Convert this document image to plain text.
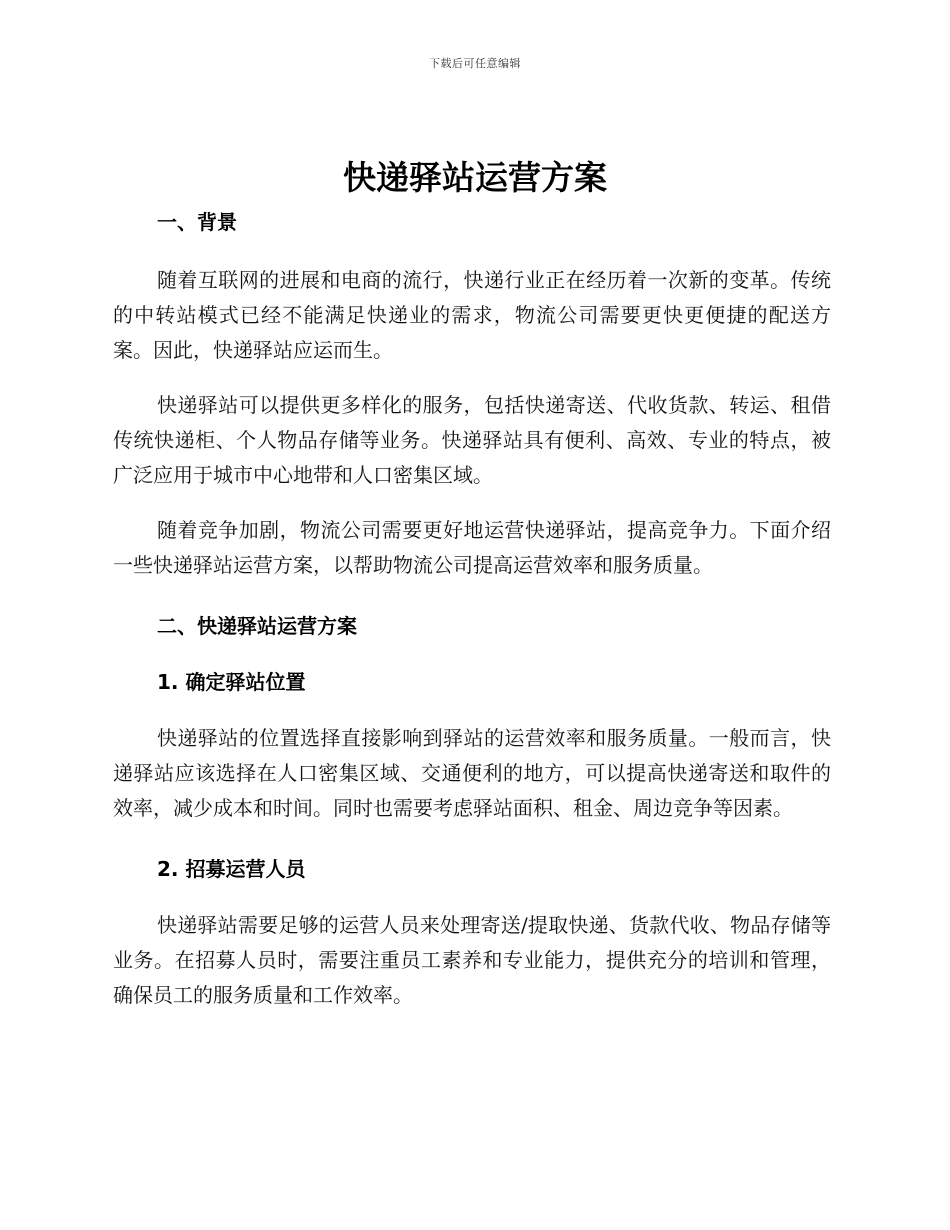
下载后可任意编辑
快递驿站运营方案
一、背景
随着互联网的进展和电商的流行，快递行业正在经历着一次新的变革。传统的中转站模式已经不能满足快递业的需求，物流公司需要更快更便捷的配送方案。因此，快递驿站应运而生。
快递驿站可以提供更多样化的服务，包括快递寄送、代收货款、转运、租借传统快递柜、个人物品存储等业务。快递驿站具有便利、高效、专业的特点，被广泛应用于城市中心地带和人口密集区域。
随着竞争加剧，物流公司需要更好地运营快递驿站，提高竞争力。下面介绍一些快递驿站运营方案，以帮助物流公司提高运营效率和服务质量。
二、快递驿站运营方案
1. 确定驿站位置
快递驿站的位置选择直接影响到驿站的运营效率和服务质量。一般而言，快递驿站应该选择在人口密集区域、交通便利的地方，可以提高快递寄送和取件的效率，减少成本和时间。同时也需要考虑驿站面积、租金、周边竞争等因素。
2. 招募运营人员
快递驿站需要足够的运营人员来处理寄送/提取快递、货款代收、物品存储等业务。在招募人员时，需要注重员工素养和专业能力，提供充分的培训和管理，确保员工的服务质量和工作效率。
